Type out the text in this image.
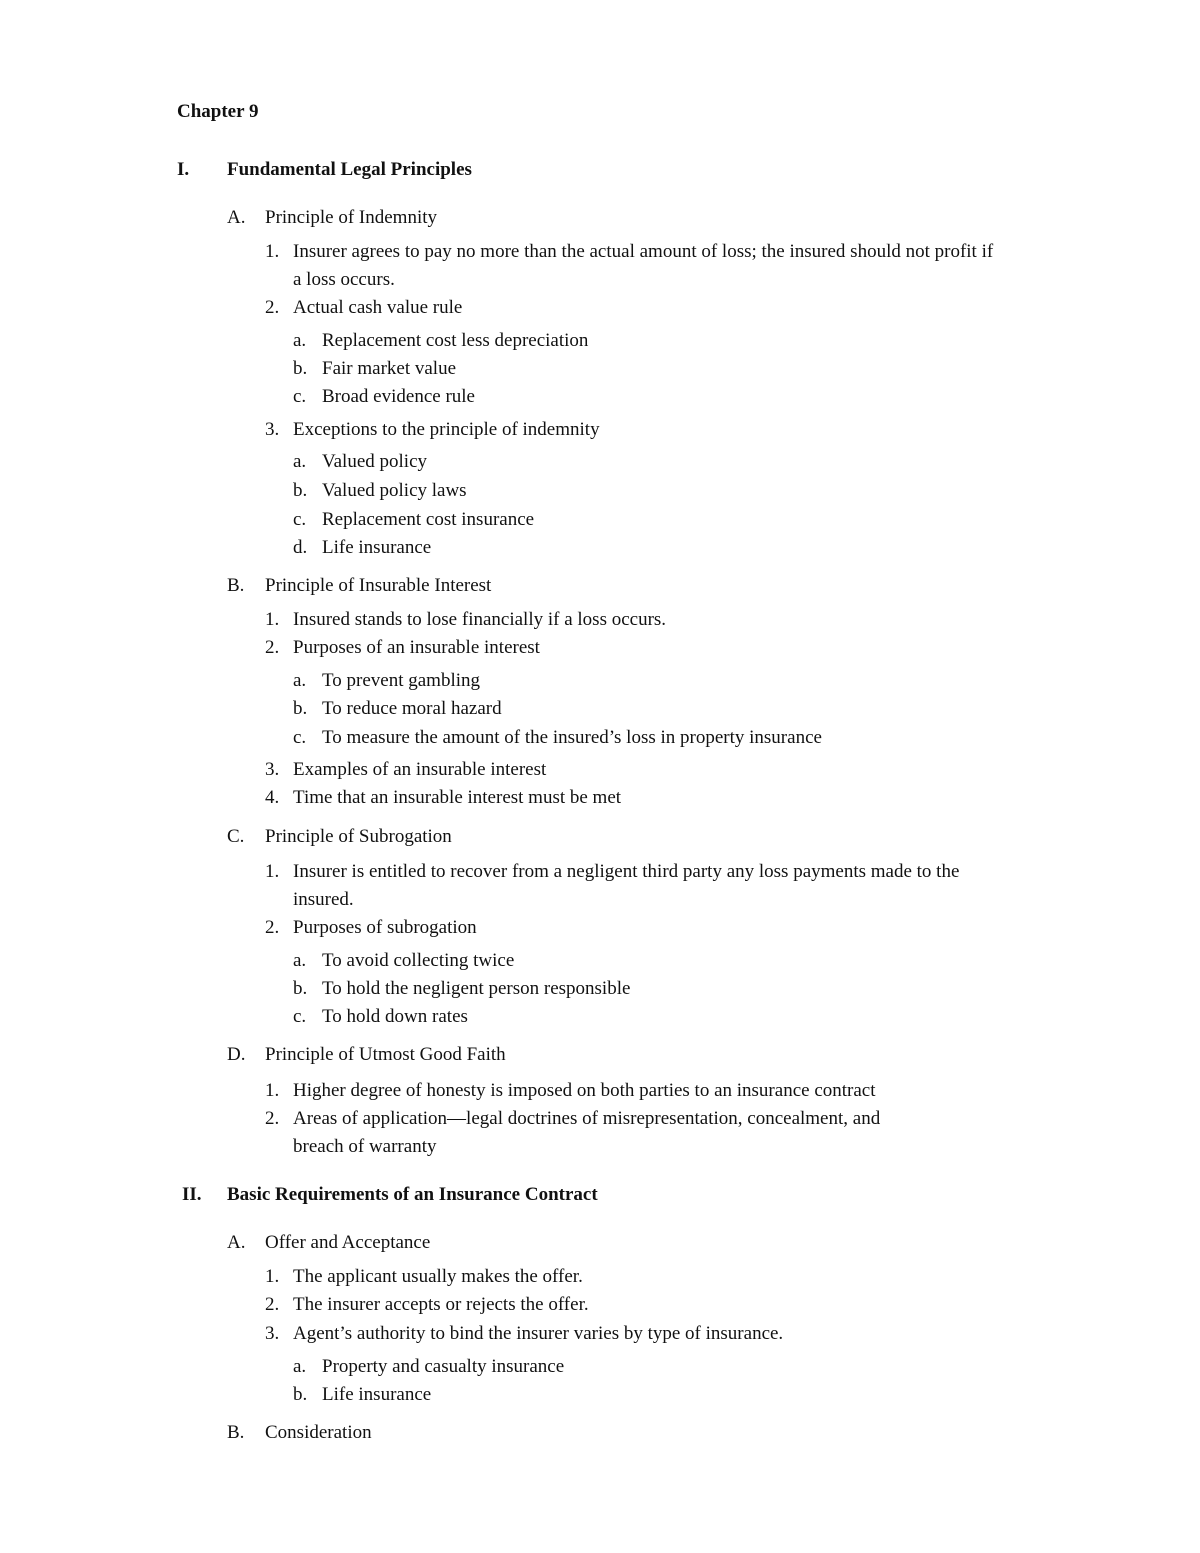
Chapter 9
I. Fundamental Legal Principles
A. Principle of Indemnity
1. Insurer agrees to pay no more than the actual amount of loss; the insured should not profit if
a loss occurs.
2. Actual cash value rule
a. Replacement cost less depreciation
b. Fair market value
c. Broad evidence rule
3. Exceptions to the principle of indemnity
a. Valued policy
b. Valued policy laws
c. Replacement cost insurance
d. Life insurance
B. Principle of Insurable Interest
1. Insured stands to lose financially if a loss occurs.
2. Purposes of an insurable interest
a. To prevent gambling
b. To reduce moral hazard
c. To measure the amount of the insured’s loss in property insurance
3. Examples of an insurable interest
4. Time that an insurable interest must be met
C. Principle of Subrogation
1. Insurer is entitled to recover from a negligent third party any loss payments made to the
insured.
2. Purposes of subrogation
a. To avoid collecting twice
b. To hold the negligent person responsible
c. To hold down rates
D. Principle of Utmost Good Faith
1. Higher degree of honesty is imposed on both parties to an insurance contract
2. Areas of application—legal doctrines of misrepresentation, concealment, and
breach of warranty
II. Basic Requirements of an Insurance Contract
A. Offer and Acceptance
1. The applicant usually makes the offer.
2. The insurer accepts or rejects the offer.
3. Agent’s authority to bind the insurer varies by type of insurance.
a. Property and casualty insurance
b. Life insurance
B. Consideration
